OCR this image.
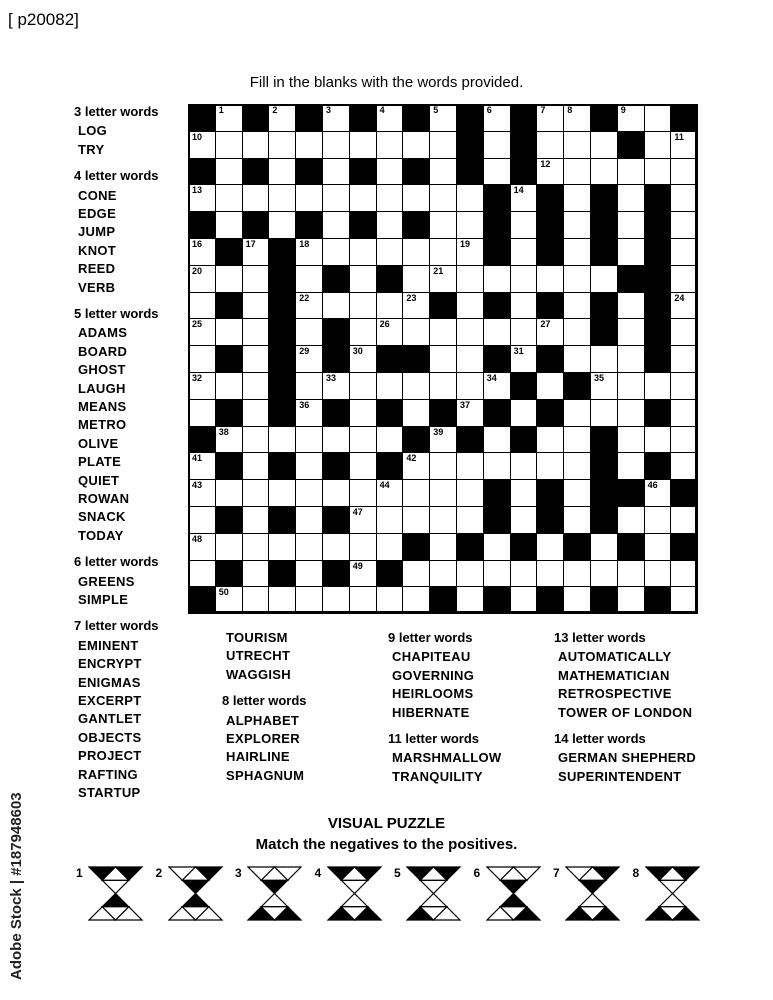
[ p20082]
Fill in the blanks with the words provided.
3 letter words
LOG
TRY
4 letter words
CONE
EDGE
JUMP
KNOT
REED
VERB
5 letter words
ADAMS
BOARD
GHOST
LAUGH
MEANS
METRO
OLIVE
PLATE
QUIET
ROWAN
SNACK
TODAY
6 letter words
GREENS
SIMPLE
7 letter words
EMINENT
ENCRYPT
ENIGMAS
EXCERPT
GANTLET
OBJECTS
PROJECT
RAFTING
STARTUP
TOURISM
UTRECHT
WAGGISH
8 letter words
ALPHABET
EXPLORER
HAIRLINE
SPHAGNUM
9 letter words
CHAPITEAU
GOVERNING
HEIRLOOMS
HIBERNATE
11 letter words
MARSHMALLOW
TRANQUILITY
13 letter words
AUTOMATICALLY
MATHEMATICIAN
RETROSPECTIVE
TOWER OF LONDON
14 letter words
GERMAN SHEPHERD
SUPERINTENDENT
1	2	3	4	5	6	7 8	9
10	11
12
13	14
16	17	18	19
20	21
22	23	24
25	26	27
29	30	31
32	33	34	35
36	37
38	39
41	42
43	44	46
47
48
49
50
VISUAL PUZZLE
Match the negatives to the positives.
1	2	3	4	5	6	7	8
Adobe Stock | #187948603
